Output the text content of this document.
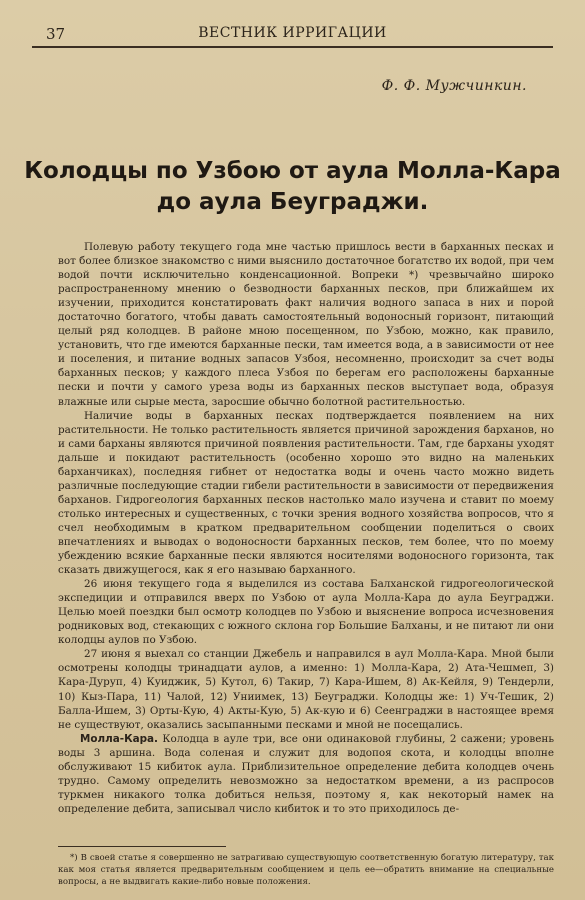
37	ВЕСТНИК ИРРИГАЦИИ
Ф. Ф. Мужчинкин.
Колодцы по Узбою от аула Молла-Кара
до аула Беуграджи.

Полевую работу текущего года мне частью пришлось вести в барханных песках и вот более близкое знакомство с ними выяснило достаточное богатство их водой, при чем водой почти исключительно конденсационной. Вопреки *) чрезвычайно широко распространенному мнению о безводности барханных песков, при ближайшем их изучении, приходится констатировать факт наличия водного запаса в них и порой достаточно богатого, чтобы давать самостоятельный водоносный горизонт, питающий целый ряд колодцев. В районе мною посещенном, по Узбою, можно, как правило, установить, что где имеются барханные пески, там имеется вода, а в зависимости от нее и поселения, и питание водных запасов Узбоя, несомненно, происходит за счет воды барханных песков; у каждого плеса Узбоя по берегам его расположены барханные пески и почти у самого уреза воды из барханных песков выступает вода, образуя влажные или сырые места, заросшие обычно болотной растительностью.

Наличие воды в барханных песках подтверждается появлением на них растительности. Не только растительность является причиной зарождения барханов, но и сами барханы являются причиной появления растительности. Там, где барханы уходят дальше и покидают растительность (особенно хорошо это видно на маленьких барханчиках), последняя гибнет от недостатка воды и очень часто можно видеть различные последующие стадии гибели растительности в зависимости от передвижения барханов. Гидрогеология барханных песков настолько мало изучена и ставит по моему столько интересных и существенных, с точки зрения водного хозяйства вопросов, что я счел необходимым в кратком предварительном сообщении поделиться о своих впечатлениях и выводах о водоносности барханных песков, тем более, что по моему убеждению всякие барханные пески являются носителями водоносного горизонта, так сказать движущегося, как я его называю барханного.

26 июня текущего года я выделился из состава Балханской гидрогеологической экспедиции и отправился вверх по Узбою от аула Молла-Кара до аула Беуграджи. Целью моей поездки был осмотр колодцев по Узбою и выяснение вопроса исчезновения родниковых вод, стекающих с южного склона гор Большие Балханы, и не питают ли они колодцы аулов по Узбою.

27 июня я выехал со станции Джебель и направился в аул Молла-Кара. Мной были осмотрены колодцы тринадцати аулов, а именно: 1) Молла-Кара, 2) Ата-Чешмеп, 3) Кара-Дуруп, 4) Куиджик, 5) Кутол, 6) Такир, 7) Кара-Ишем, 8) Ак-Кейля, 9) Тендерли, 10) Кыз-Пара, 11) Чалой, 12) Униимек, 13) Беуграджи. Колодцы же: 1) Уч-Тешик, 2) Балла-Ишем, 3) Орты-Кую, 4) Акты-Кую, 5) Ак-кую и 6) Сеенграджи в настоящее время не существуют, оказались засыпанными песками и мной не посещались.

Молла-Кара. Колодца в ауле три, все они одинаковой глубины, 2 сажени; уровень воды 3 аршина. Вода соленая и служит для водопоя скота, и колодцы вполне обслуживают 15 кибиток аула. Приблизительное определение дебита колодцев очень трудно. Самому определить невозможно за недостатком времени, а из распросов туркмен никакого толка добиться нельзя, поэтому я, как некоторый намек на определение дебита, записывал число кибиток и то это приходилось де-

*) В своей статье я совершенно не затрагиваю существующую соответственную богатую литературу, так как моя статья является предварительным сообщением и цель ее—обратить внимание на специальные вопросы, а не выдвигать какие-либо новые положения.
